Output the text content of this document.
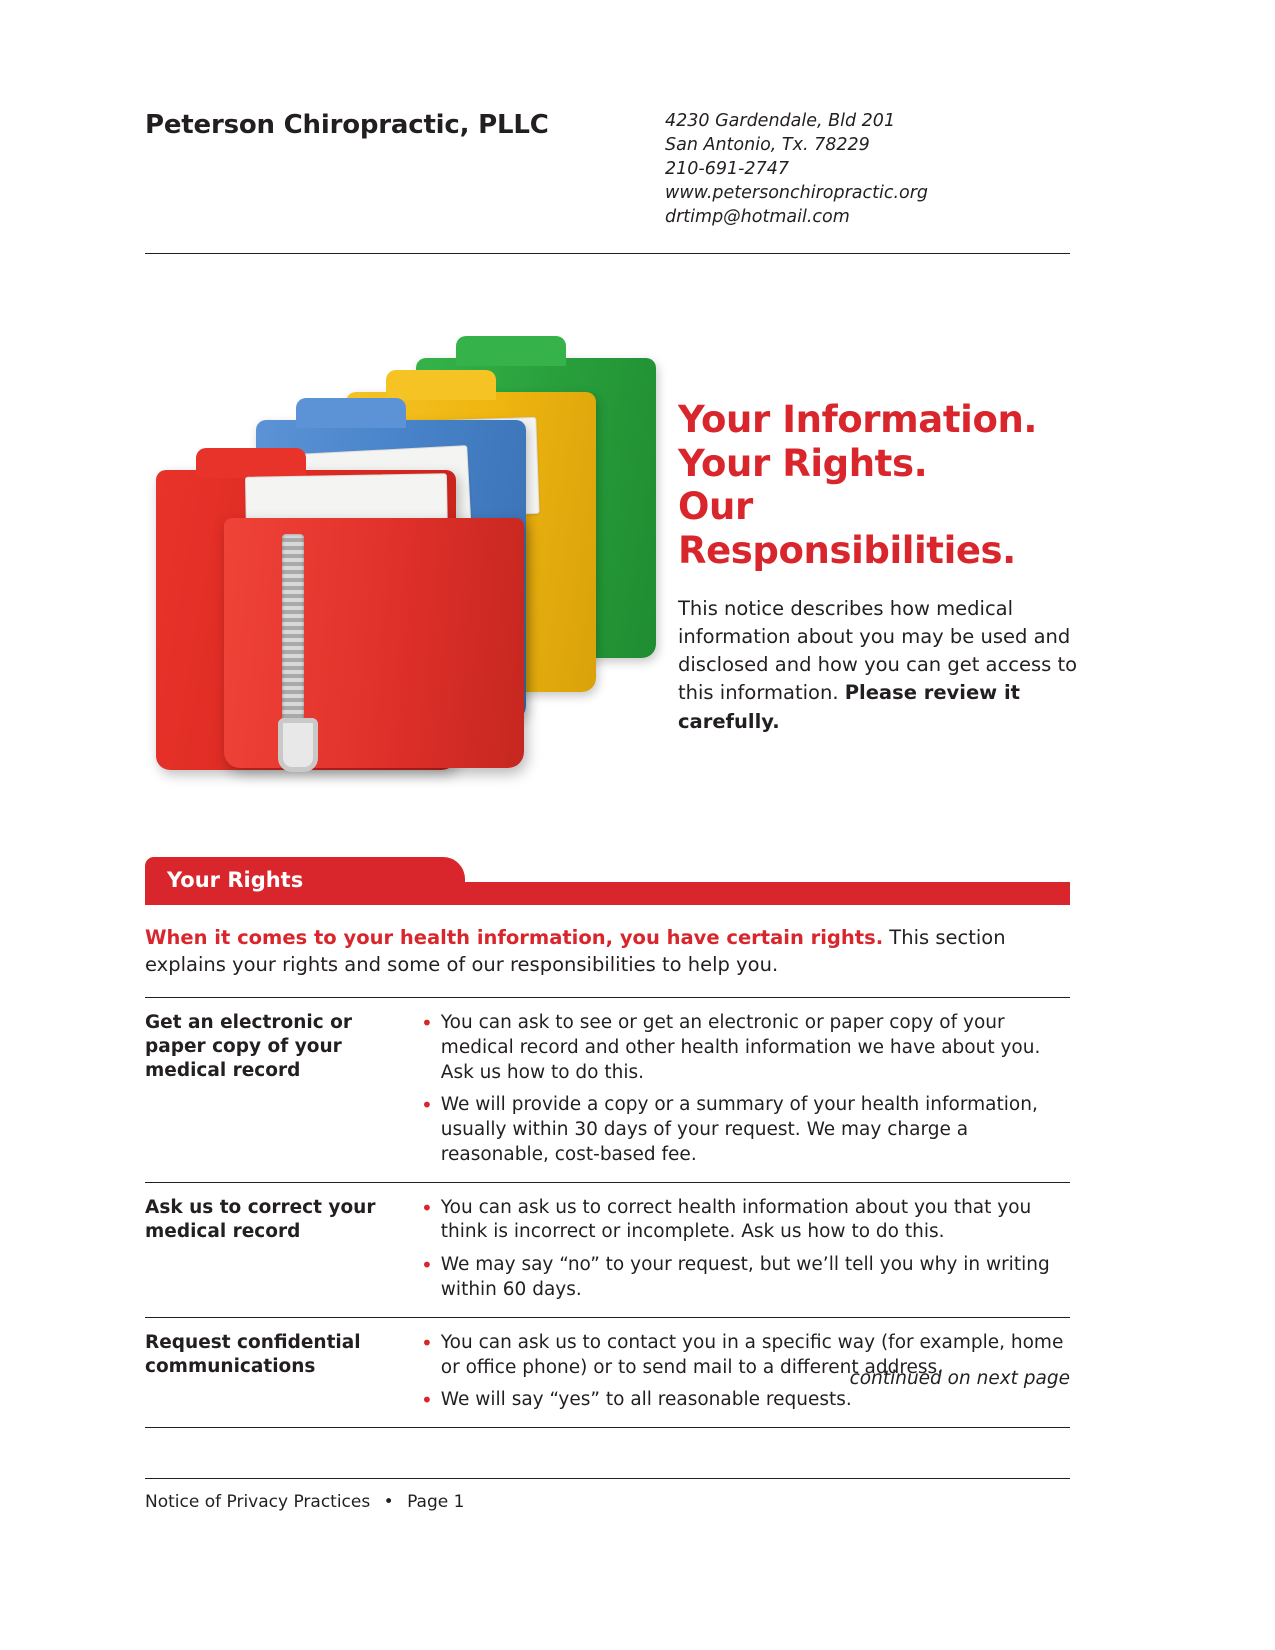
Peterson Chiropractic, PLLC	4230 Gardendale, Bld 201
San Antonio, Tx. 78229
210-691-2747
www.petersonchiropractic.org
drtimp@hotmail.com
Your Information.
Your Rights.
Our Responsibilities.
This notice describes how medical information about you may be used and disclosed and how you can get access to this information. Please review it carefully.
Your Rights
When it comes to your health information, you have certain rights. This section explains your rights and some of our responsibilities to help you.
Get an electronic or paper copy of your medical record	• You can ask to see or get an electronic or paper copy of your medical record and other health information we have about you. Ask us how to do this.
• We will provide a copy or a summary of your health information, usually within 30 days of your request. We may charge a reasonable, cost-based fee.

Ask us to correct your medical record	• You can ask us to correct health information about you that you think is incorrect or incomplete. Ask us how to do this.
• We may say “no” to your request, but we’ll tell you why in writing within 60 days.

Request confidential communications	• You can ask us to contact you in a specific way (for example, home or office phone) or to send mail to a different address.
• We will say “yes” to all reasonable requests.
continued on next page
Notice of Privacy Practices • Page 1
